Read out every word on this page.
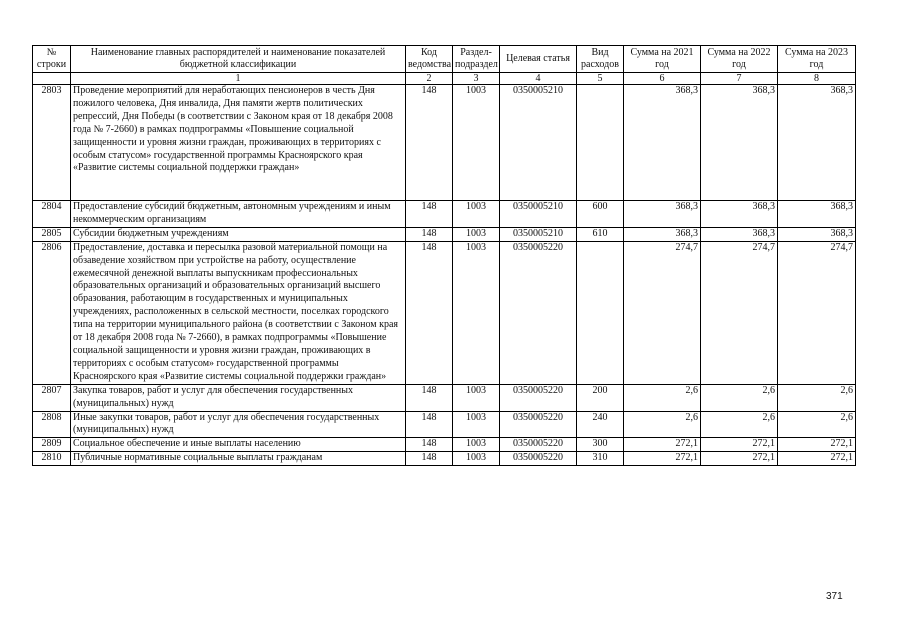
№ строки	Наименование главных распорядителей и наименование показателей бюджетной классификации	Код ведомства	Раздел-подраздел	Целевая статья	Вид расходов	Сумма на 2021 год	Сумма на 2022 год	Сумма на 2023 год
	1	2	3	4	5	6	7	8
2803	Проведение мероприятий для неработающих пенсионеров в честь Дня пожилого человека, Дня инвалида, Дня памяти жертв политических репрессий, Дня Победы (в соответствии с Законом края от 18 декабря 2008 года № 7-2660) в рамках подпрограммы «Повышение социальной защищенности и уровня жизни граждан, проживающих в территориях с особым статусом» государственной программы Красноярского края «Развитие системы социальной поддержки граждан»	148	1003	0350005210		368,3	368,3	368,3
2804	Предоставление субсидий бюджетным, автономным учреждениям и иным некоммерческим организациям	148	1003	0350005210	600	368,3	368,3	368,3
2805	Субсидии бюджетным учреждениям	148	1003	0350005210	610	368,3	368,3	368,3
2806	Предоставление, доставка и пересылка разовой материальной помощи на обзаведение хозяйством при устройстве на работу, осуществление ежемесячной денежной выплаты выпускникам профессиональных образовательных организаций и образовательных организаций высшего образования, работающим в государственных и муниципальных учреждениях, расположенных в сельской местности, поселках городского типа на территории муниципального района (в соответствии с Законом края от 18 декабря 2008 года № 7-2660), в рамках подпрограммы «Повышение социальной защищенности и уровня жизни граждан, проживающих в территориях с особым статусом» государственной программы Красноярского края «Развитие системы социальной поддержки граждан»	148	1003	0350005220		274,7	274,7	274,7
2807	Закупка товаров, работ и услуг для обеспечения государственных (муниципальных) нужд	148	1003	0350005220	200	2,6	2,6	2,6
2808	Иные закупки товаров, работ и услуг для обеспечения государственных (муниципальных) нужд	148	1003	0350005220	240	2,6	2,6	2,6
2809	Социальное обеспечение и иные выплаты населению	148	1003	0350005220	300	272,1	272,1	272,1
2810	Публичные нормативные социальные выплаты гражданам	148	1003	0350005220	310	272,1	272,1	272,1
371
